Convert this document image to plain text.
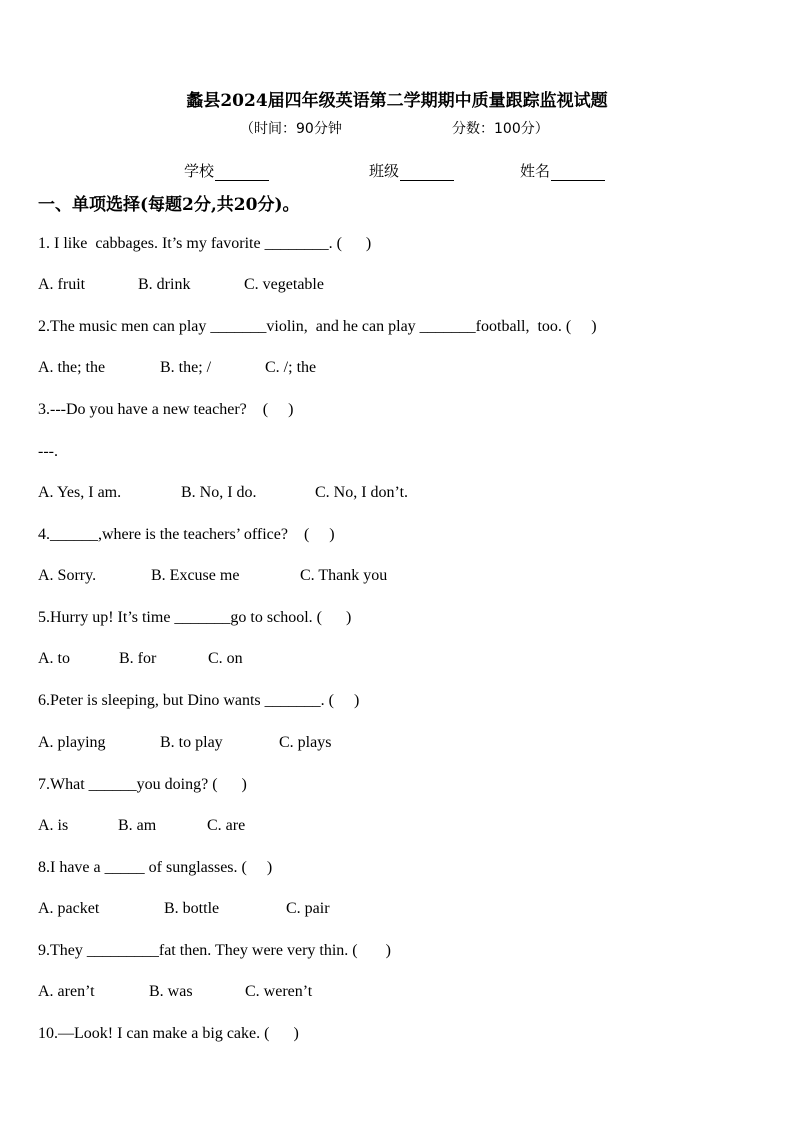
蠡县2024届四年级英语第二学期期中质量跟踪监视试题
（时间：90分钟	分数：100分）
学校	班级	姓名
一、单项选择(每题2分,共20分)。
1. I like  cabbages. It’s my favorite ________. (      )
A. fruit	B. drink	C. vegetable
2.The music men can play _______violin,  and he can play _______football,  too. (     )
A. the; the	B. the; /	C. /; the
3.---Do you have a new teacher?    (     )
---.
A. Yes, I am.	B. No, I do.	C. No, I don’t.
4.______,where is the teachers’ office?    (     )
A. Sorry.	B. Excuse me	C. Thank you
5.Hurry up! It’s time _______go to school. (      )
A. to	B. for	C. on
6.Peter is sleeping, but Dino wants _______. (     )
A. playing	B. to play	C. plays
7.What ______you doing? (      )
A. is	B. am	C. are
8.I have a _____ of sunglasses. (     )
A. packet	B. bottle	C. pair
9.They _________fat then. They were very thin. (       )
A. aren’t	B. was	C. weren’t
10.—Look! I can make a big cake. (      )
